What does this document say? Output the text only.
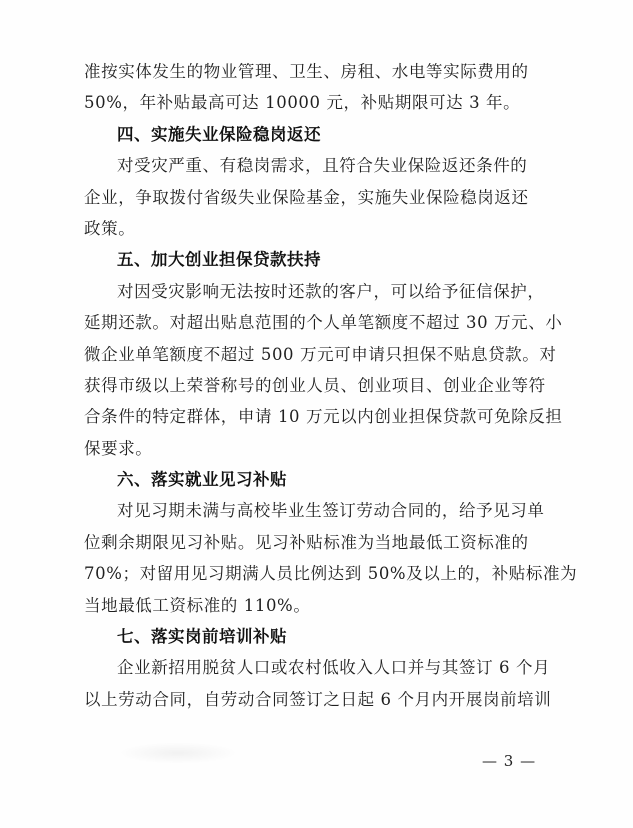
准按实体发生的物业管理、卫生、房租、水电等实际费用的
50%，年补贴最高可达 10000 元，补贴期限可达 3 年。
四、实施失业保险稳岗返还
对受灾严重、有稳岗需求，且符合失业保险返还条件的
企业，争取拨付省级失业保险基金，实施失业保险稳岗返还
政策。
五、加大创业担保贷款扶持
对因受灾影响无法按时还款的客户，可以给予征信保护，
延期还款。对超出贴息范围的个人单笔额度不超过 30 万元、小
微企业单笔额度不超过 500 万元可申请只担保不贴息贷款。对
获得市级以上荣誉称号的创业人员、创业项目、创业企业等符
合条件的特定群体，申请 10 万元以内创业担保贷款可免除反担
保要求。
六、落实就业见习补贴
对见习期未满与高校毕业生签订劳动合同的，给予见习单
位剩余期限见习补贴。见习补贴标准为当地最低工资标准的
70%；对留用见习期满人员比例达到 50%及以上的，补贴标准为
当地最低工资标准的 110%。
七、落实岗前培训补贴
企业新招用脱贫人口或农村低收入人口并与其签订 6 个月
以上劳动合同，自劳动合同签订之日起 6 个月内开展岗前培训
— 3 —
